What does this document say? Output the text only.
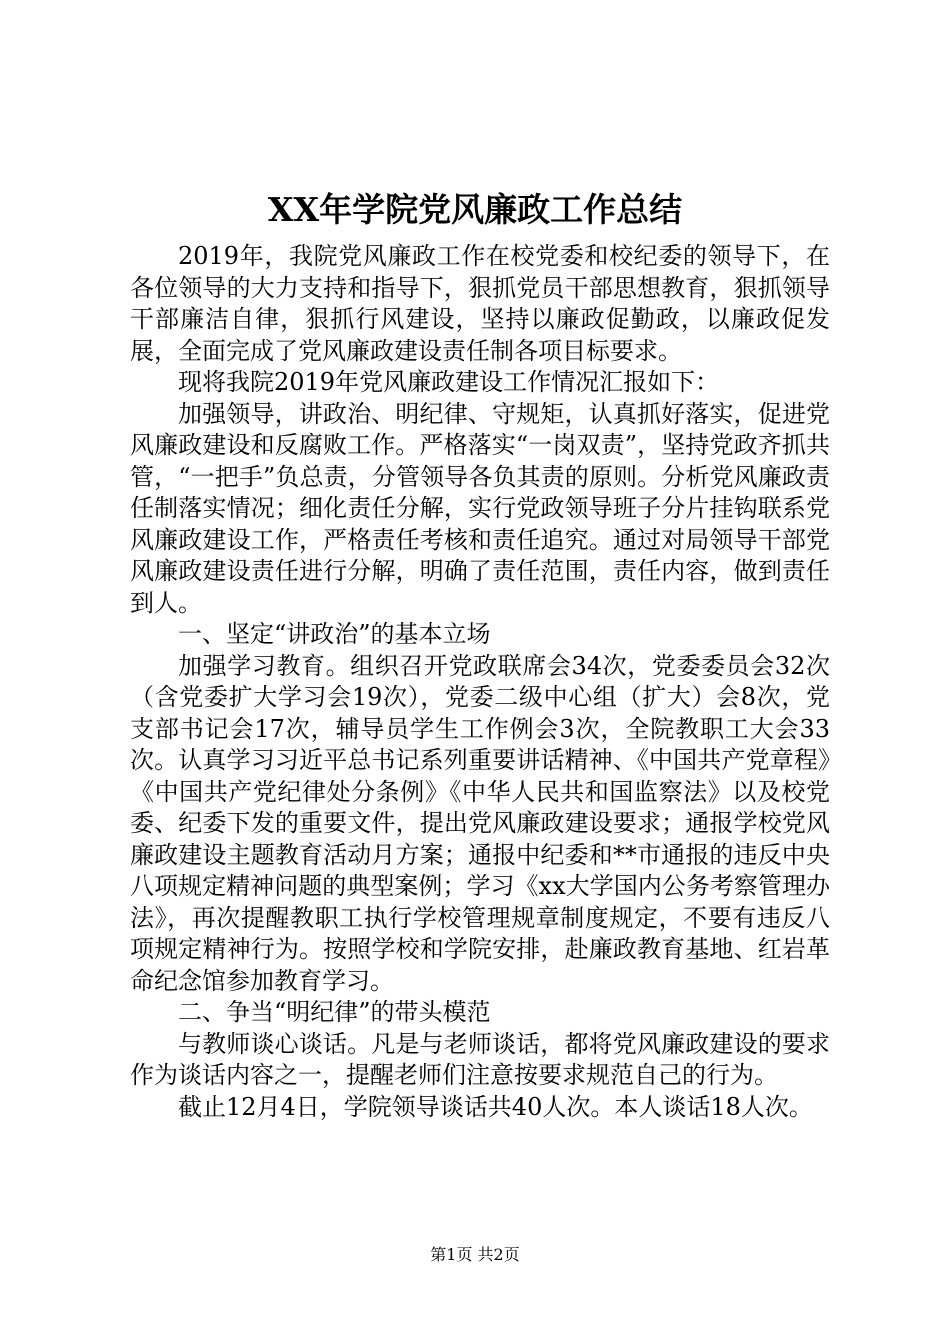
XX年学院党风廉政工作总结

2019年，我院党风廉政工作在校党委和校纪委的领导下，在各位领导的大力支持和指导下，狠抓党员干部思想教育，狠抓领导干部廉洁自律，狠抓行风建设，坚持以廉政促勤政，以廉政促发展，全面完成了党风廉政建设责任制各项目标要求。

现将我院2019年党风廉政建设工作情况汇报如下：

加强领导，讲政治、明纪律、守规矩，认真抓好落实，促进党风廉政建设和反腐败工作。严格落实“一岗双责”，坚持党政齐抓共管，“一把手”负总责，分管领导各负其责的原则。分析党风廉政责任制落实情况；细化责任分解，实行党政领导班子分片挂钩联系党风廉政建设工作，严格责任考核和责任追究。通过对局领导干部党风廉政建设责任进行分解，明确了责任范围，责任内容，做到责任到人。

一、坚定“讲政治”的基本立场

加强学习教育。组织召开党政联席会34次，党委委员会32次（含党委扩大学习会19次），党委二级中心组（扩大）会8次，党支部书记会17次，辅导员学生工作例会3次，全院教职工大会33次。认真学习习近平总书记系列重要讲话精神、《中国共产党章程》《中国共产党纪律处分条例》《中华人民共和国监察法》以及校党委、纪委下发的重要文件，提出党风廉政建设要求；通报学校党风廉政建设主题教育活动月方案；通报中纪委和**市通报的违反中央八项规定精神问题的典型案例；学习《xx大学国内公务考察管理办法》，再次提醒教职工执行学校管理规章制度规定，不要有违反八项规定精神行为。按照学校和学院安排，赴廉政教育基地、红岩革命纪念馆参加教育学习。

二、争当“明纪律”的带头模范

与教师谈心谈话。凡是与老师谈话，都将党风廉政建设的要求作为谈话内容之一，提醒老师们注意按要求规范自己的行为。

截止12月4日，学院领导谈话共40人次。本人谈话18人次。

第1页 共2页
